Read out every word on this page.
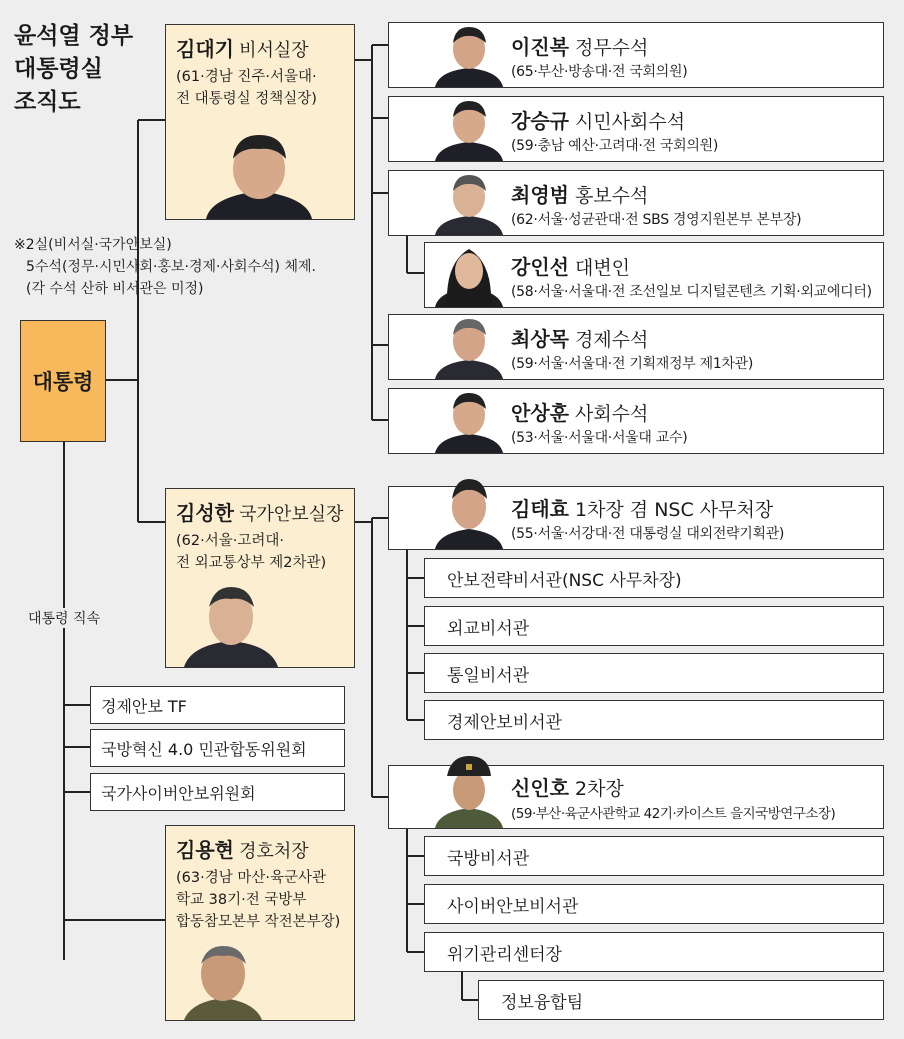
윤석열 정부
대통령실
조직도
※2실(비서실·국가안보실)
5수석(정무·시민사회·홍보·경제·사회수석) 체제.
(각 수석 산하 비서관은 미정)
대통령
대통령 직속
김대기 비서실장
(61·경남 진주·서울대·
전 대통령실 정책실장)
김성한 국가안보실장
(62·서울·고려대·
전 외교통상부 제2차관)
김용현 경호처장
(63·경남 마산·육군사관
학교 38기·전 국방부
합동참모본부 작전본부장)
이진복 정무수석
(65·부산·방송대·전 국회의원)
강승규 시민사회수석
(59·충남 예산·고려대·전 국회의원)
최영범 홍보수석
(62·서울·성균관대·전 SBS 경영지원본부 본부장)
강인선 대변인
(58·서울·서울대·전 조선일보 디지털콘텐츠 기획·외교에디터)
최상목 경제수석
(59·서울·서울대·전 기획재정부 제1차관)
안상훈 사회수석
(53·서울·서울대·서울대 교수)
김태효 1차장 겸 NSC 사무처장
(55·서울·서강대·전 대통령실 대외전략기획관)
안보전략비서관(NSC 사무차장)
외교비서관
통일비서관
경제안보비서관
신인호 2차장
(59·부산·육군사관학교 42기·카이스트 을지국방연구소장)
국방비서관
사이버안보비서관
위기관리센터장
정보융합팀
경제안보 TF
국방혁신 4.0 민관합동위원회
국가사이버안보위원회
